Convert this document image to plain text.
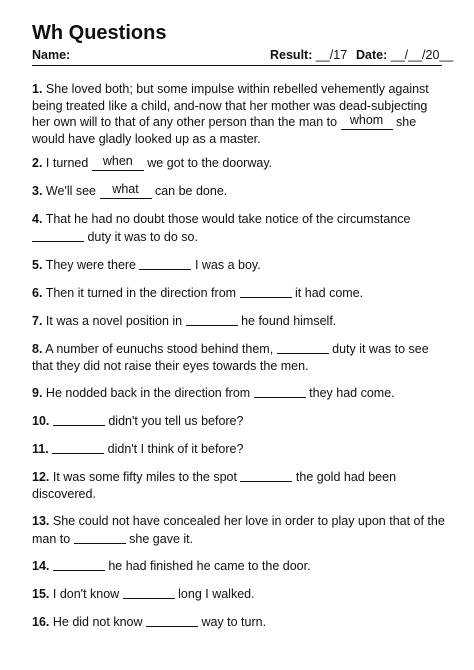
Wh Questions
Name:	Result: __/17 Date: __/__/20__

1. She loved both; but some impulse within rebelled vehemently against being treated like a child, and-now that her mother was dead-subjecting her own will to that of any other person than the man to whom she would have gladly looked up as a master.

2. I turned when we got to the doorway.

3. We'll see what can be done.

4. That he had no doubt those would take notice of the circumstance  duty it was to do so.

5. They were there	I was a boy.

6. Then it turned in the direction from	it had come.

7. It was a novel position in	he found himself.

8. A number of eunuchs stood behind them,	duty it was to see that they did not raise their eyes towards the men.

9. He nodded back in the direction from	they had come.

10.	didn't you tell us before?

11.	didn't I think of it before?

12. It was some fifty miles to the spot	the gold had been discovered.

13. She could not have concealed her love in order to play upon that of the man to	she gave it.

14.	he had finished he came to the door.

15. I don't know	long I walked.

16. He did not know	way to turn.
